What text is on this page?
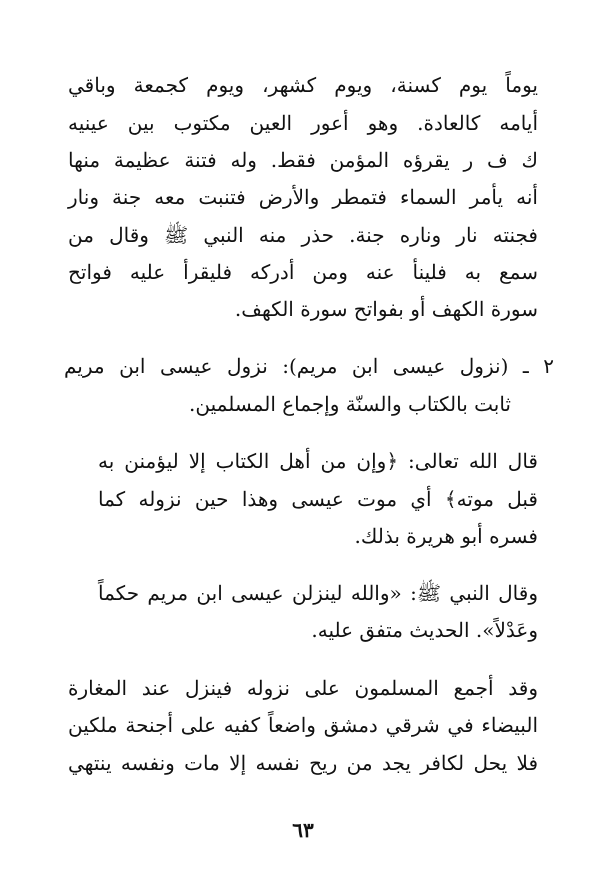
يوماً يوم كسنة، ويوم كشهر، ويوم كجمعة وباقي
أيامه كالعادة. وهو أعور العين مكتوب بين عينيه
ك ف ر يقرؤه المؤمن فقط. وله فتنة عظيمة منها
أنه يأمر السماء فتمطر والأرض فتنبت معه جنة ونار
فجنته نار وناره جنة. حذر منه النبي ﷺ وقال من
سمع به فلينأ عنه ومن أدركه فليقرأ عليه فواتح
سورة الكهف أو بفواتح سورة الكهف.
٢ ـ (نزول عيسى ابن مريم): نزول عيسى ابن مريم
ثابت بالكتاب والسنّة وإجماع المسلمين.
قال الله تعالى: ﴿وإن من أهل الكتاب إلا ليؤمنن به
قبل موته﴾ أي موت عيسى وهذا حين نزوله كما
فسره أبو هريرة بذلك.
وقال النبي ﷺ: «والله لينزلن عيسى ابن مريم حكماً
وعَدْلاً». الحديث متفق عليه.
وقد أجمع المسلمون على نزوله فينزل عند المغارة
البيضاء في شرقي دمشق واضعاً كفيه على أجنحة ملكين
فلا يحل لكافر يجد من ريح نفسه إلا مات ونفسه ينتهي
٦٣
